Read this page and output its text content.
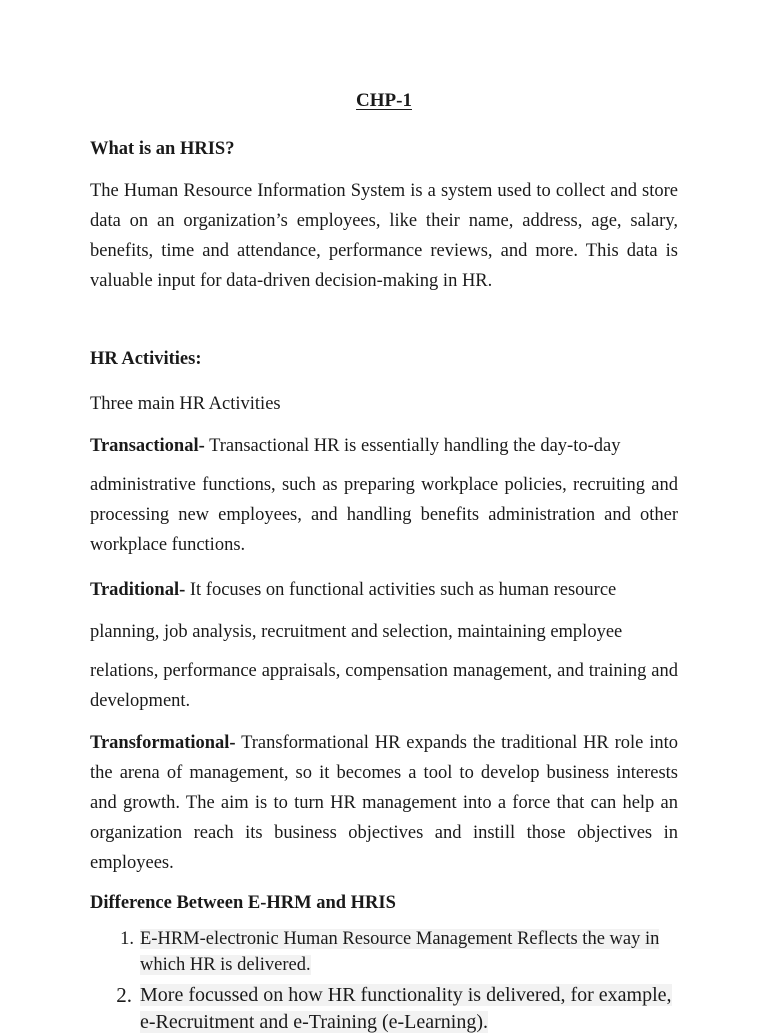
CHP-1
What is an HRIS?

The Human Resource Information System is a system used to collect and store data on an organization’s employees, like their name, address, age, salary, benefits, time and attendance, performance reviews, and more. This data is valuable input for data-driven decision-making in HR.

HR Activities:

Three main HR Activities

Transactional- Transactional HR is essentially handling the day-to-day

administrative functions, such as preparing workplace policies, recruiting and processing new employees, and handling benefits administration and other workplace functions.

Traditional- It focuses on functional activities such as human resource

planning, job analysis, recruitment and selection, maintaining employee

relations, performance appraisals, compensation management, and training and development.

Transformational- Transformational HR expands the traditional HR role into the arena of management, so it becomes a tool to develop business interests and growth. The aim is to turn HR management into a force that can help an organization reach its business objectives and instill those objectives in employees.

Difference Between E-HRM and HRIS
1. E-HRM-electronic Human Resource Management Reflects the way in which HR is delivered.
2. More focussed on how HR functionality is delivered, for example, e-Recruitment and e-Training (e-Learning).
